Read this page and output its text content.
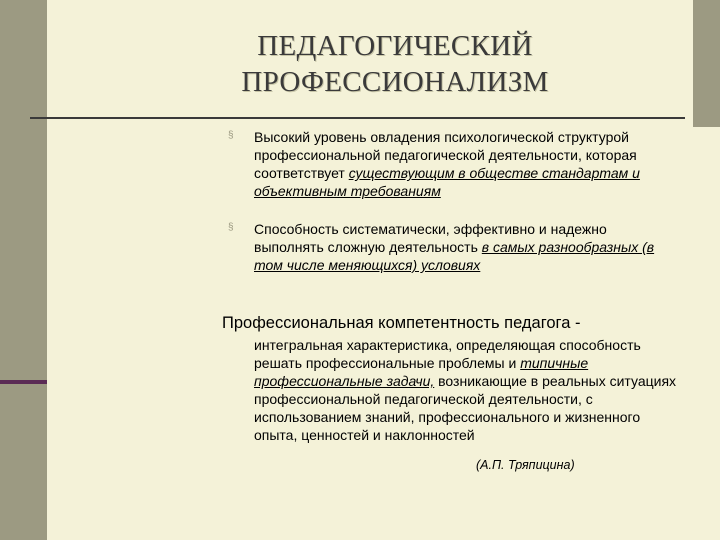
ПЕДАГОГИЧЕСКИЙ
ПРОФЕССИОНАЛИЗМ
§ Высокий уровень овладения психологической структурой профессиональной педагогической деятельности, которая соответствует существующим в обществе стандартам и объективным требованиям
§ Способность систематически, эффективно и надежно выполнять сложную деятельность в самых разнообразных (в том числе меняющихся) условиях
Профессиональная компетентность педагога -
интегральная характеристика, определяющая способность решать профессиональные проблемы и типичные профессиональные задачи, возникающие в реальных ситуациях профессиональной педагогической деятельности, с использованием знаний, профессионального и жизненного опыта, ценностей и наклонностей
(А.П. Тряпицина)
